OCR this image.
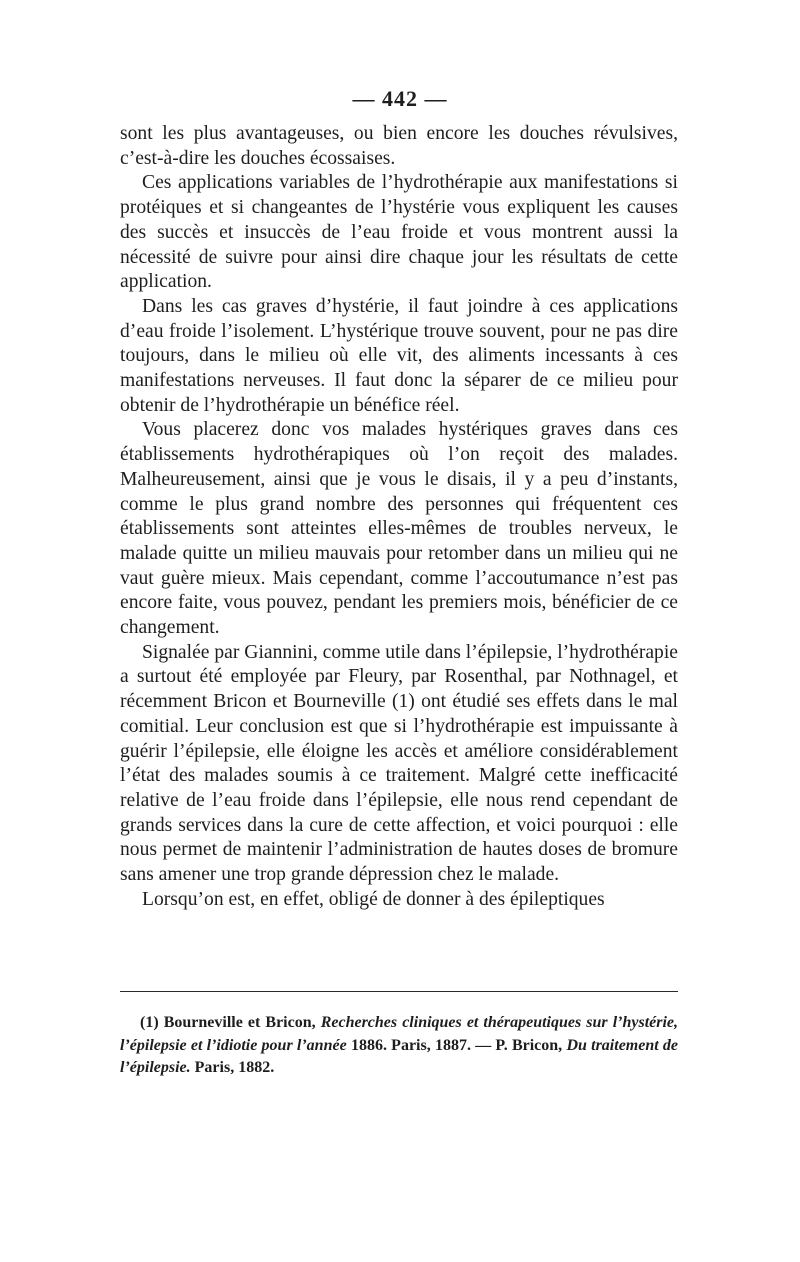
— 442 —

sont les plus avantageuses, ou bien encore les douches révulsives, c’est-à-dire les douches écossaises.

Ces applications variables de l’hydrothérapie aux manifestations si protéiques et si changeantes de l’hystérie vous expliquent les causes des succès et insuccès de l’eau froide et vous montrent aussi la nécessité de suivre pour ainsi dire chaque jour les résultats de cette application.

Dans les cas graves d’hystérie, il faut joindre à ces applications d’eau froide l’isolement. L’hystérique trouve souvent, pour ne pas dire toujours, dans le milieu où elle vit, des aliments incessants à ces manifestations nerveuses. Il faut donc la séparer de ce milieu pour obtenir de l’hydrothérapie un bénéfice réel.

Vous placerez donc vos malades hystériques graves dans ces établissements hydrothérapiques où l’on reçoit des malades. Malheureusement, ainsi que je vous le disais, il y a peu d’instants, comme le plus grand nombre des personnes qui fréquentent ces établissements sont atteintes elles-mêmes de troubles nerveux, le malade quitte un milieu mauvais pour retomber dans un milieu qui ne vaut guère mieux. Mais cependant, comme l’accoutumance n’est pas encore faite, vous pouvez, pendant les premiers mois, bénéficier de ce changement.

Signalée par Giannini, comme utile dans l’épilepsie, l’hydrothérapie a surtout été employée par Fleury, par Rosenthal, par Nothnagel, et récemment Bricon et Bourneville (1) ont étudié ses effets dans le mal comitial. Leur conclusion est que si l’hydrothérapie est impuissante à guérir l’épilepsie, elle éloigne les accès et améliore considérablement l’état des malades soumis à ce traitement. Malgré cette inefficacité relative de l’eau froide dans l’épilepsie, elle nous rend cependant de grands services dans la cure de cette affection, et voici pourquoi : elle nous permet de maintenir l’administration de hautes doses de bromure sans amener une trop grande dépression chez le malade.

Lorsqu’on est, en effet, obligé de donner à des épileptiques

(1) Bourneville et Bricon, Recherches cliniques et thérapeutiques sur l’hystérie, l’épilepsie et l’idiotie pour l’année 1886. Paris, 1887. — P. Bricon, Du traitement de l’épilepsie. Paris, 1882.
